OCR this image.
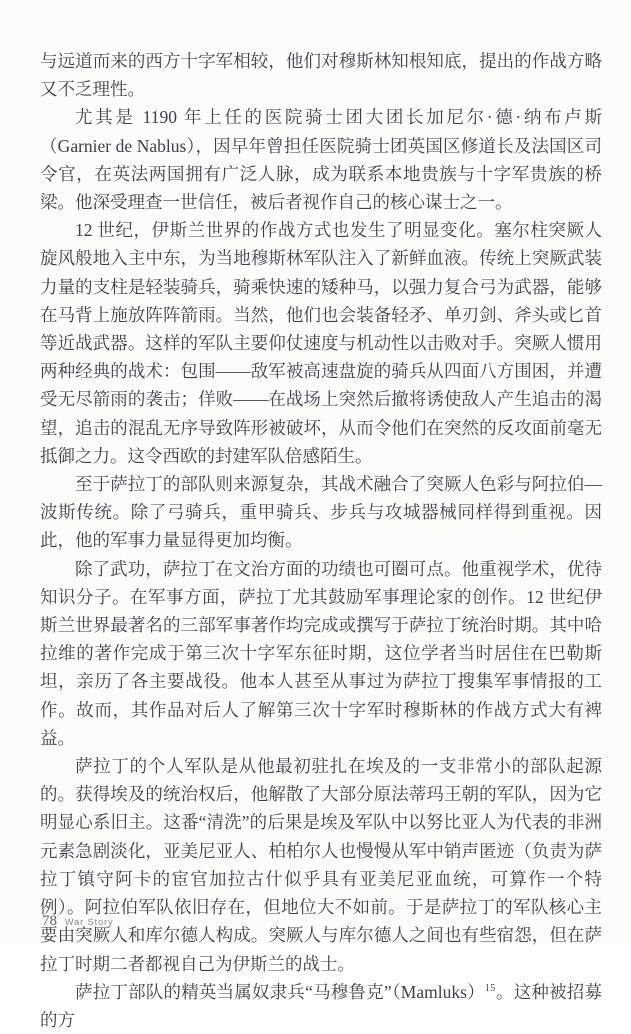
与远道而来的西方十字军相较，他们对穆斯林知根知底，提出的作战方略又不乏理性。

尤其是 1190 年上任的医院骑士团大团长加尼尔·德·纳布卢斯（Garnier de Nablus），因早年曾担任医院骑士团英国区修道长及法国区司令官，在英法两国拥有广泛人脉，成为联系本地贵族与十字军贵族的桥梁。他深受理查一世信任，被后者视作自己的核心谋士之一。

12 世纪，伊斯兰世界的作战方式也发生了明显变化。塞尔柱突厥人旋风般地入主中东，为当地穆斯林军队注入了新鲜血液。传统上突厥武装力量的支柱是轻装骑兵，骑乘快速的矮种马，以强力复合弓为武器，能够在马背上施放阵阵箭雨。当然，他们也会装备轻矛、单刃剑、斧头或匕首等近战武器。这样的军队主要仰仗速度与机动性以击败对手。突厥人惯用两种经典的战术：包围——敌军被高速盘旋的骑兵从四面八方围困，并遭受无尽箭雨的袭击；佯败——在战场上突然后撤将诱使敌人产生追击的渴望，追击的混乱无序导致阵形被破坏，从而令他们在突然的反攻面前毫无抵御之力。这令西欧的封建军队倍感陌生。

至于萨拉丁的部队则来源复杂，其战术融合了突厥人色彩与阿拉伯—波斯传统。除了弓骑兵，重甲骑兵、步兵与攻城器械同样得到重视。因此，他的军事力量显得更加均衡。

除了武功，萨拉丁在文治方面的功绩也可圈可点。他重视学术，优待知识分子。在军事方面，萨拉丁尤其鼓励军事理论家的创作。12 世纪伊斯兰世界最著名的三部军事著作均完成或撰写于萨拉丁统治时期。其中哈拉维的著作完成于第三次十字军东征时期，这位学者当时居住在巴勒斯坦，亲历了各主要战役。他本人甚至从事过为萨拉丁搜集军事情报的工作。故而，其作品对后人了解第三次十字军时穆斯林的作战方式大有裨益。

萨拉丁的个人军队是从他最初驻扎在埃及的一支非常小的部队起源的。获得埃及的统治权后，他解散了大部分原法蒂玛王朝的军队，因为它明显心系旧主。这番“清洗”的后果是埃及军队中以努比亚人为代表的非洲元素急剧淡化，亚美尼亚人、柏柏尔人也慢慢从军中销声匿迹（负责为萨拉丁镇守阿卡的宦官加拉古什似乎具有亚美尼亚血统，可算作一个特例）。阿拉伯军队依旧存在，但地位大不如前。于是萨拉丁的军队核心主要由突厥人和库尔德人构成。突厥人与库尔德人之间也有些宿怨，但在萨拉丁时期二者都视自己为伊斯兰的战士。

萨拉丁部队的精英当属奴隶兵“马穆鲁克”（Mamluks）$^{15}$。这种被招募的方

78 War Story
